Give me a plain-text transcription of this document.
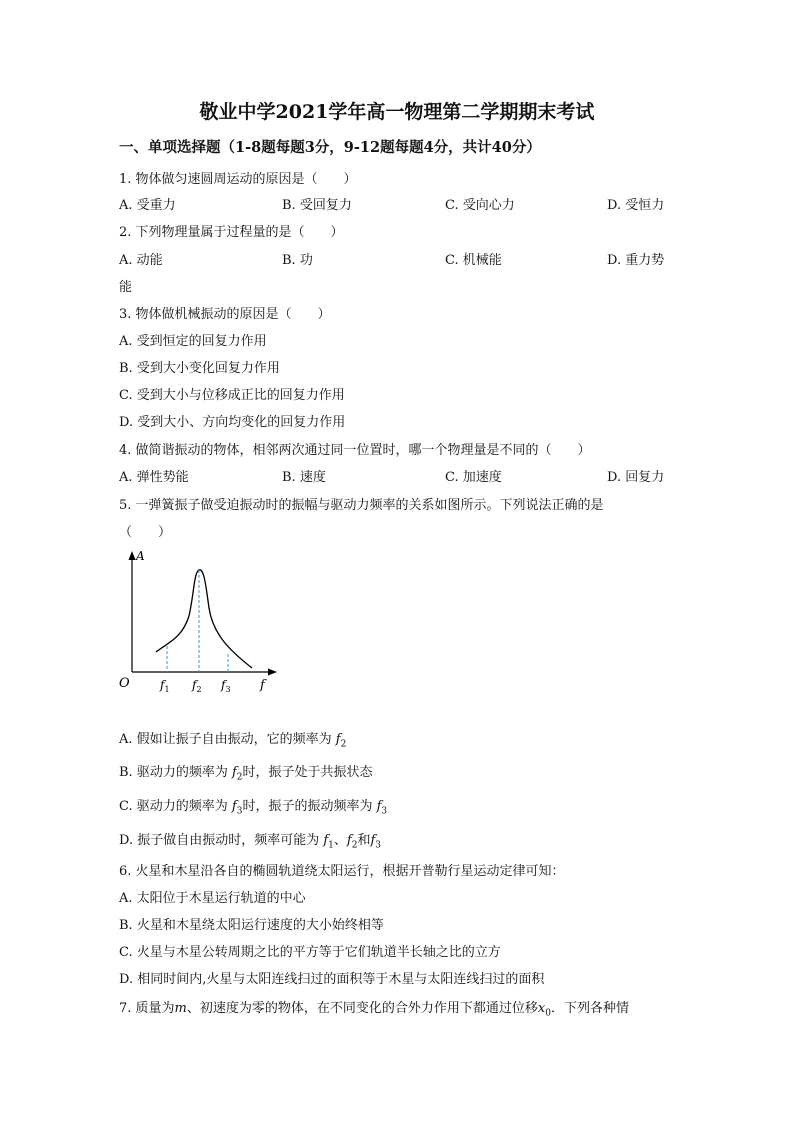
敬业中学2021学年高一物理第二学期期末考试
一、单项选择题（1-8题每题3分，9-12题每题4分，共计40分）
1. 物体做匀速圆周运动的原因是（　　）
A. 受重力	B. 受回复力	C. 受向心力	D. 受恒力
2. 下列物理量属于过程量的是（　　）
A. 动能	B. 功	C. 机械能	D. 重力势
能
3. 物体做机械振动的原因是（　　）
A. 受到恒定的回复力作用
B. 受到大小变化回复力作用
C. 受到大小与位移成正比的回复力作用
D. 受到大小、方向均变化的回复力作用
4. 做简谐振动的物体，相邻两次通过同一位置时，哪一个物理量是不同的（　　）
A. 弹性势能	B. 速度	C. 加速度	D. 回复力
5. 一弹簧振子做受迫振动时的振幅与驱动力频率的关系如图所示。下列说法正确的是
（　　）
A
O	f
$f_1$ $f_2$ $f_3$
A. 假如让振子自由振动，它的频率为 $f_2$
B. 驱动力的频率为 $f_2$时，振子处于共振状态
C. 驱动力的频率为 $f_3$时，振子的振动频率为 $f_3$
D. 振子做自由振动时，频率可能为 $f_1$、$f_2$和$f_3$
6. 火星和木星沿各自的椭圆轨道绕太阳运行，根据开普勒行星运动定律可知：
A. 太阳位于木星运行轨道的中心
B. 火星和木星绕太阳运行速度的大小始终相等
C. 火星与木星公转周期之比的平方等于它们轨道半长轴之比的立方
D. 相同时间内,火星与太阳连线扫过的面积等于木星与太阳连线扫过的面积
7. 质量为m、初速度为零的物体，在不同变化的合外力作用下都通过位移$x_0$．下列各种情
